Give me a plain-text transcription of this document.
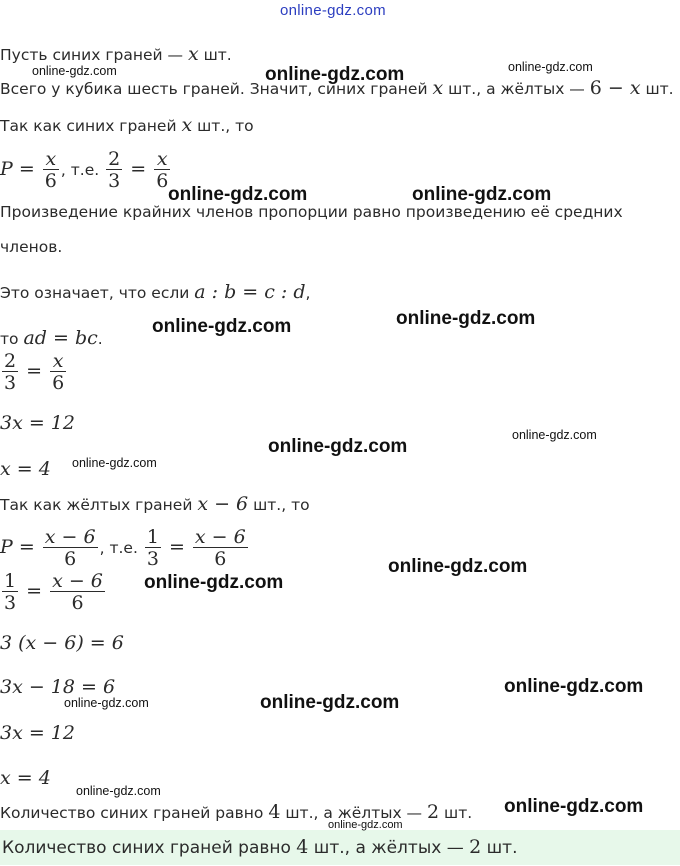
online-gdz.com
Пусть синих граней — x шт.
Всего у кубика шесть граней. Значит, синих граней x шт., а жёлтых — 6 − x шт.
Так как синих граней x шт., то
$P = \frac{x}{6}$ , т.е. $\frac{2}{3} = \frac{x}{6}$
Произведение крайних членов пропорции равно произведению её средних
членов.
Это означает, что если a : b = c : d,
то ad = bc.
$\frac{2}{3} = \frac{x}{6}$
3x = 12
x = 4
Так как жёлтых граней x − 6 шт., то
$P = \frac{x - 6}{6}$ , т.е. $\frac{1}{3} = \frac{x - 6}{6}$
$\frac{1}{3} = \frac{x - 6}{6}$
3 (x − 6) = 6
3x − 18 = 6
3x = 12
x = 4
Количество синих граней равно 4 шт., а жёлтых — 2 шт.
Количество синих граней равно 4 шт., а жёлтых — 2 шт.
online-gdz.com	online-gdz.com	online-gdz.com
online-gdz.com	online-gdz.com
online-gdz.com	online-gdz.com
online-gdz.com
online-gdz.com
online-gdz.com
online-gdz.com
online-gdz.com
online-gdz.com
online-gdz.com	online-gdz.com
online-gdz.com
online-gdz.com
online-gdz.com
